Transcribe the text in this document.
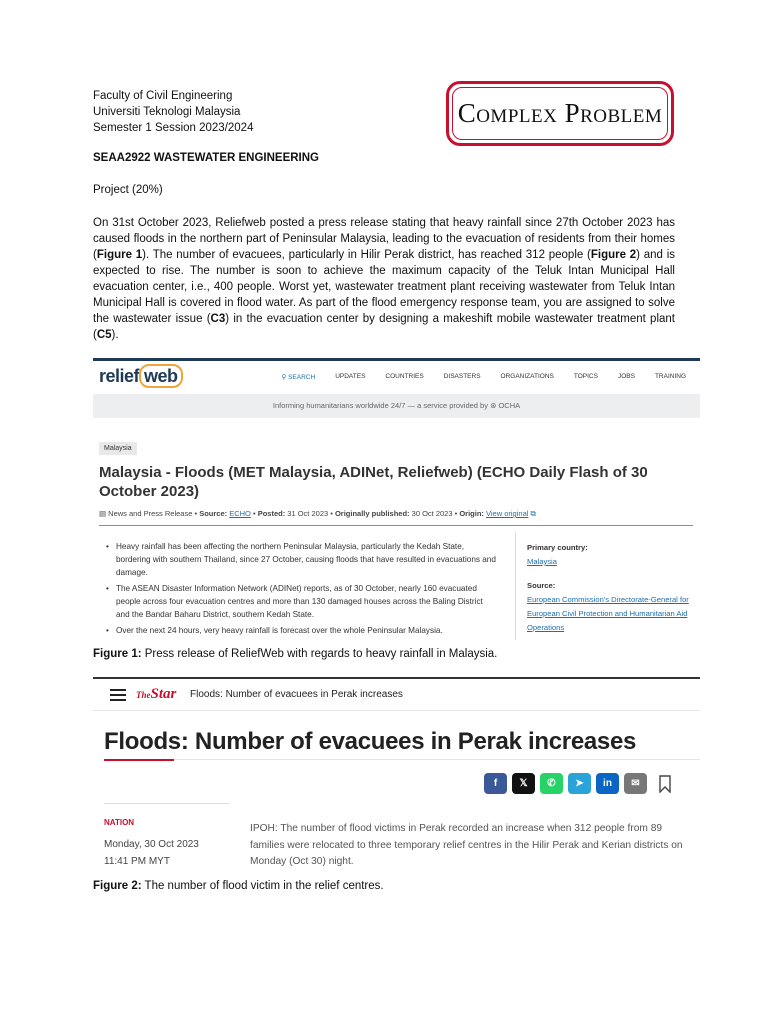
Faculty of Civil Engineering
Universiti Teknologi Malaysia
Semester 1 Session 2023/2024	Complex Problem
SEAA2922 WASTEWATER ENGINEERING
Project (20%)
On 31st October 2023, Reliefweb posted a press release stating that heavy rainfall since 27th October 2023 has caused floods in the northern part of Peninsular Malaysia, leading to the evacuation of residents from their homes (Figure 1). The number of evacuees, particularly in Hilir Perak district, has reached 312 people (Figure 2) and is expected to rise. The number is soon to achieve the maximum capacity of the Teluk Intan Municipal Hall evacuation center, i.e., 400 people. Worst yet, wastewater treatment plant receiving wastewater from Teluk Intan Municipal Hall is covered in flood water. As part of the flood emergency response team, you are assigned to solve the wastewater issue (C3) in the evacuation center by designing a makeshift mobile wastewater treatment plant (C5).
relief web	⚲ SEARCH	UPDATES	COUNTRIES	DISASTERS	ORGANIZATIONS	TOPICS	JOBS	TRAINING
Informing humanitarians worldwide 24/7 — a service provided by ⊛ OCHA
Malaysia
Malaysia - Floods (MET Malaysia, ADINet, Reliefweb) (ECHO Daily Flash of 30 October 2023)
▤ News and Press Release • Source: ECHO • Posted: 31 Oct 2023 • Originally published: 30 Oct 2023 • Origin: View original ⧉
• Heavy rainfall has been affecting the northern Peninsular Malaysia, particularly the Kedah State, bordering with southern Thailand, since 27 October, causing floods that have resulted in evacuations and damage.
• The ASEAN Disaster Information Network (ADINet) reports, as of 30 October, nearly 160 evacuated people across four evacuation centres and more than 130 damaged houses across the Baling District and the Bandar Baharu District, southern Kedah State.
• Over the next 24 hours, very heavy rainfall is forecast over the whole Peninsular Malaysia.
Primary country:
Malaysia
Source:
European Commission's Directorate-General for European Civil Protection and Humanitarian Aid Operations
Figure 1: Press release of ReliefWeb with regards to heavy rainfall in Malaysia.
TheStar Floods: Number of evacuees in Perak increases
Floods: Number of evacuees in Perak increases
f	𝕏	✆	➤	in	✉
NATION
Monday, 30 Oct 2023
11:41 PM MYT
IPOH: The number of flood victims in Perak recorded an increase when 312 people from 89 families were relocated to three temporary relief centres in the Hilir Perak and Kerian districts on Monday (Oct 30) night.
Figure 2: The number of flood victim in the relief centres.
